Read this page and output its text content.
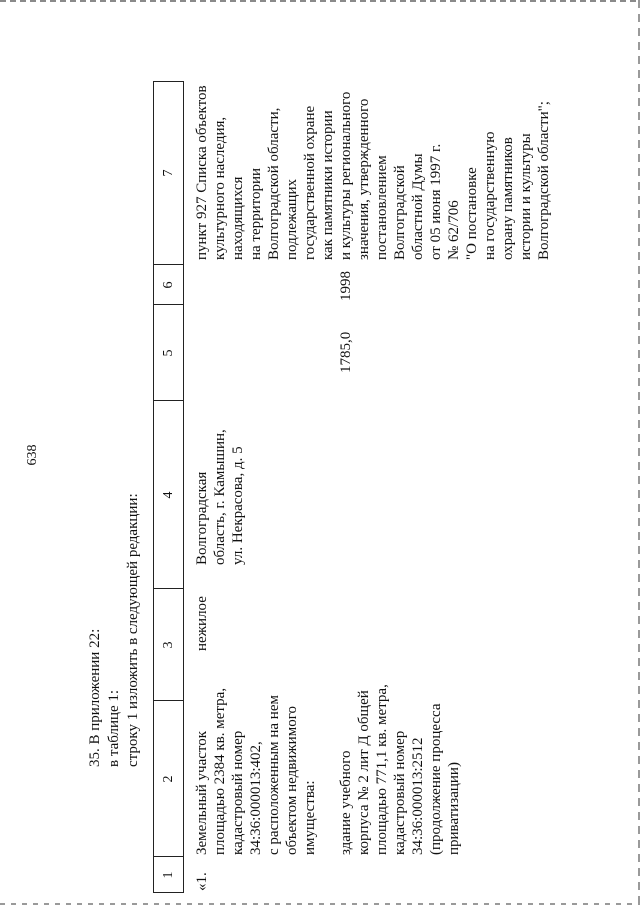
638
35. В приложении 22: в таблице 1: строку 1 изложить в следующей редакции:
1
2
3
4
5
6
7
«1.
Земельный участок площадью 2384 кв. метра, кадастровый номер 34:36:000013:402, с расположенным на нем объектом недвижимого имущества: здание учебного корпуса № 2 лит Д общей площадью 771,1 кв. метра, кадастровый номер 34:36:000013:2512 (продолжение процесса приватизации)
нежилое
Волгоградская область, г. Камышин, ул. Некрасова, д. 5
1785,0
1998
пункт 927 Списка объектов культурного наследия, находящихся на территории Волгоградской области, подлежащих государственной охране как памятники истории и культуры регионального значения, утвержденного постановлением Волгоградской областной Думы от 05 июня 1997 г. № 62/706 "О постановке на государственную охрану памятников истории и культуры Волгоградской области";
